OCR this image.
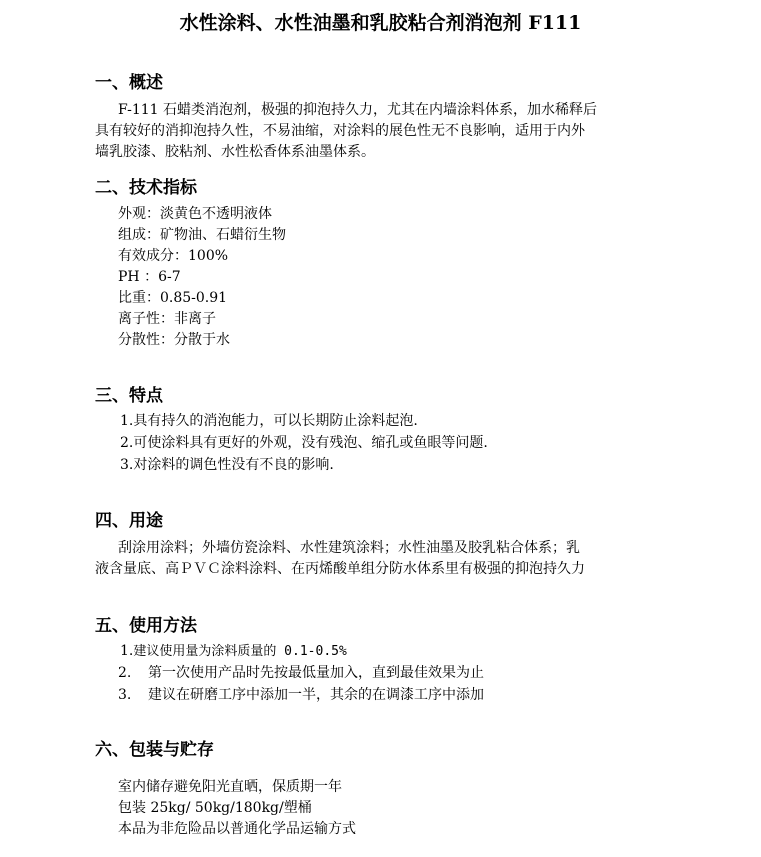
水性涂料、水性油墨和乳胶粘合剂消泡剂 F111
一、概述
F-111 石蜡类消泡剂，极强的抑泡持久力，尤其在内墙涂料体系，加水稀释后
具有较好的消抑泡持久性，不易油缩，对涂料的展色性无不良影响，适用于内外
墙乳胶漆、胶粘剂、水性松香体系油墨体系。
二、技术指标
外观：淡黄色不透明液体
组成：矿物油、石蜡衍生物
有效成分：100%
PH ：6-7
比重：0.85-0.91
离子性：非离子
分散性：分散于水
三、特点
1.具有持久的消泡能力，可以长期防止涂料起泡.
2.可使涂料具有更好的外观，没有残泡、缩孔或鱼眼等问题.
3.对涂料的调色性没有不良的影响.
四、用途
刮涂用涂料；外墙仿瓷涂料、水性建筑涂料；水性油墨及胶乳粘合体系；乳
液含量底、高ＰＶＣ涂料涂料、在丙烯酸单组分防水体系里有极强的抑泡持久力
五、使用方法
1.建议使用量为涂料质量的 0.1-0.5%
2. 第一次使用产品时先按最低量加入，直到最佳效果为止
3. 建议在研磨工序中添加一半，其余的在调漆工序中添加
六、包装与贮存
室内储存避免阳光直晒，保质期一年
包装 25kg/ 50kg/180kg/塑桶
本品为非危险品以普通化学品运输方式
